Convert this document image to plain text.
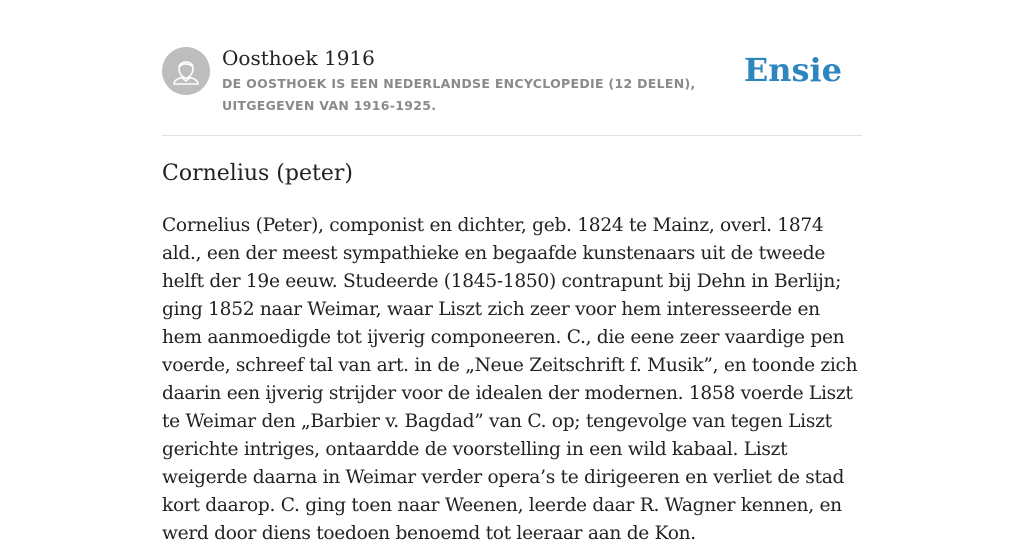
Oosthoek 1916
DE OOSTHOEK IS EEN NEDERLANDSE ENCYCLOPEDIE (12 DELEN), UITGEGEVEN VAN 1916-1925.
Ensie
Cornelius (peter)

Cornelius (Peter), componist en dichter, geb. 1824 te Mainz, overl. 1874 ald., een der meest sympathieke en begaafde kunstenaars uit de tweede helft der 19e eeuw. Studeerde (1845-1850) contrapunt bij Dehn in Berlijn; ging 1852 naar Weimar, waar Liszt zich zeer voor hem interesseerde en hem aanmoedigde tot ijverig componeeren. C., die eene zeer vaardige pen voerde, schreef tal van art. in de „Neue Zeitschrift f. Musik”, en toonde zich daarin een ijverig strijder voor de idealen der modernen. 1858 voerde Liszt te Weimar den „Barbier v. Bagdad” van C. op; tengevolge van tegen Liszt gerichte intriges, ontaardde de voorstelling in een wild kabaal. Liszt weigerde daarna in Weimar verder opera’s te dirigeeren en verliet de stad kort daarop. C. ging toen naar Weenen, leerde daar R. Wagner kennen, en werd door diens toedoen benoemd tot leeraar aan de Kon.
